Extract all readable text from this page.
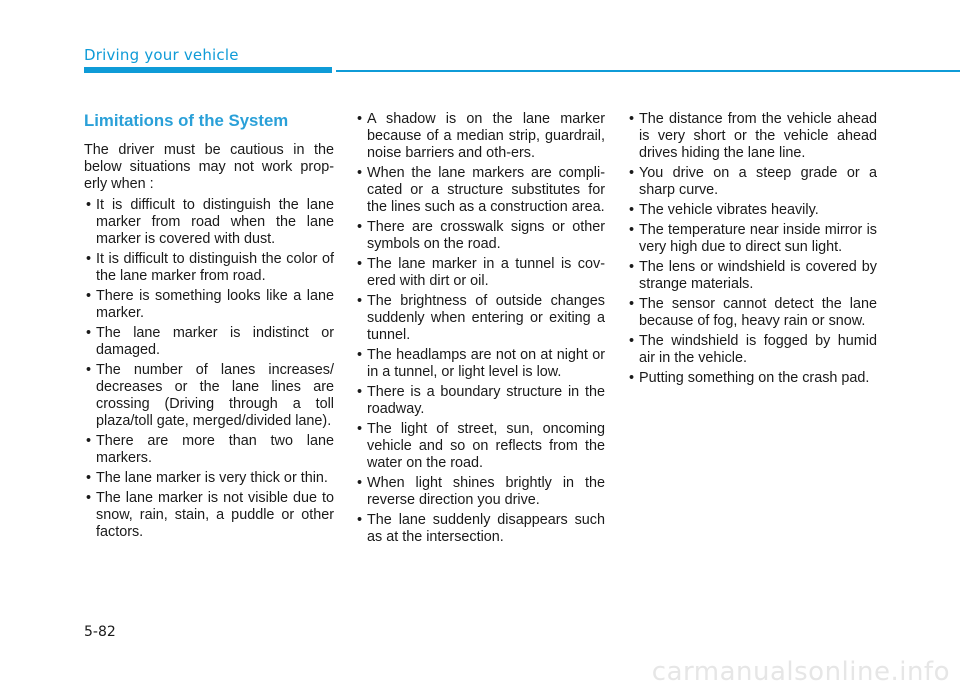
Driving your vehicle
Limitations of the System

The driver must be cautious in the below situations may not work prop-erly when :

• It is difficult to distinguish the lane marker from road when the lane marker is covered with dust.
• It is difficult to distinguish the color of the lane marker from road.
• There is something looks like a lane marker.
• The lane marker is indistinct or damaged.
• The number of lanes increases/ decreases or the lane lines are crossing (Driving through a toll plaza/toll gate, merged/divided lane).
• There are more than two lane markers.
• The lane marker is very thick or thin.
• The lane marker is not visible due to snow, rain, stain, a puddle or other factors.
• A shadow is on the lane marker because of a median strip, guardrail, noise barriers and oth-ers.
• When the lane markers are compli-cated or a structure substitutes for the lines such as a construction area.
• There are crosswalk signs or other symbols on the road.
• The lane marker in a tunnel is cov-ered with dirt or oil.
• The brightness of outside changes suddenly when entering or exiting a tunnel.
• The headlamps are not on at night or in a tunnel, or light level is low.
• There is a boundary structure in the roadway.
• The light of street, sun, oncoming vehicle and so on reflects from the water on the road.
• When light shines brightly in the reverse direction you drive.
• The lane suddenly disappears such as at the intersection.
• The distance from the vehicle ahead is very short or the vehicle ahead drives hiding the lane line.
• You drive on a steep grade or a sharp curve.
• The vehicle vibrates heavily.
• The temperature near inside mirror is very high due to direct sun light.
• The lens or windshield is covered by strange materials.
• The sensor cannot detect the lane because of fog, heavy rain or snow.
• The windshield is fogged by humid air in the vehicle.
• Putting something on the crash pad.
5-82
carmanualsonline.info
